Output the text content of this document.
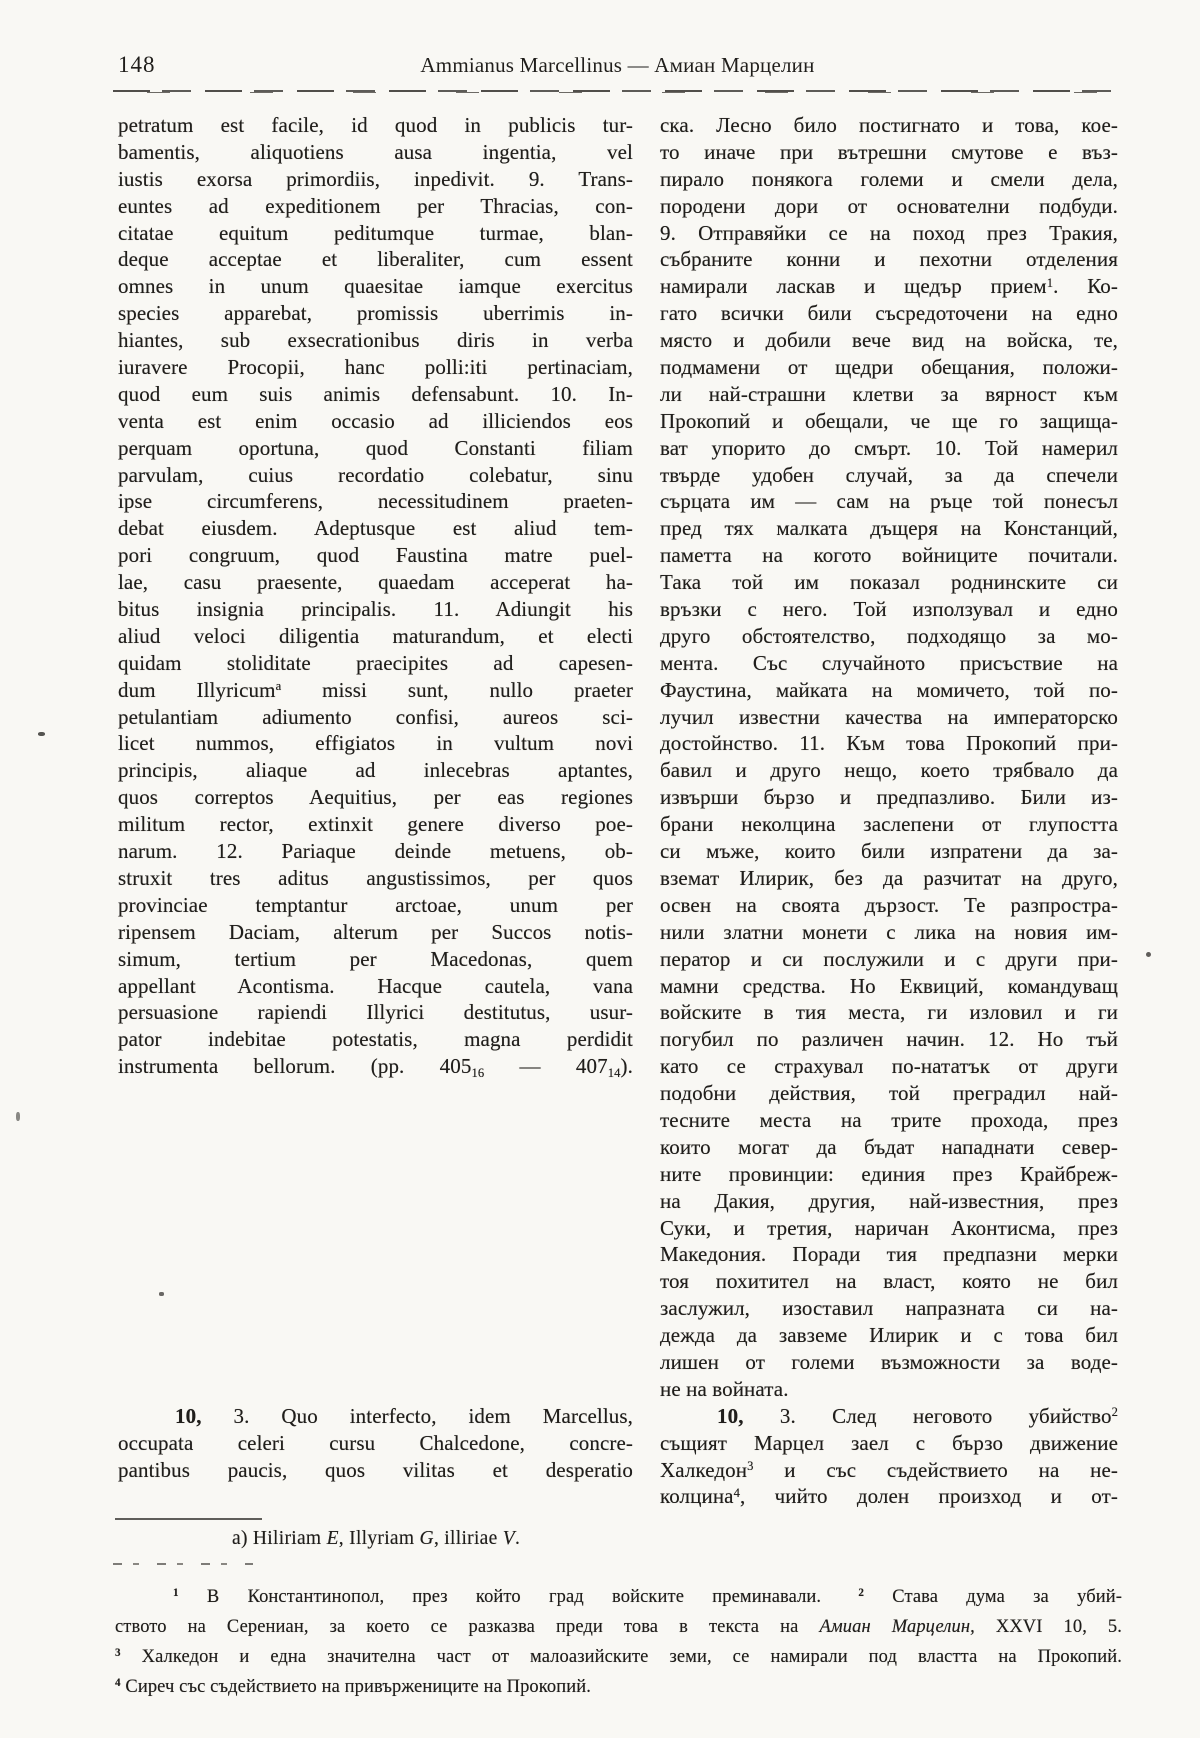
148	Ammianus Marcellinus — Амиан Марцелин
petratum est facile, id quod in publicis tur-
bamentis, aliquotiens ausa ingentia, vel
iustis exorsa primordiis, inpedivit. 9. Trans-
euntes ad expeditionem per Thracias, con-
citatae equitum peditumque turmae, blan-
deque acceptae et liberaliter, cum essent
omnes in unum quaesitae iamque exercitus
species apparebat, promissis uberrimis in-
hiantes, sub exsecrationibus diris in verba
iuravere Procopii, hanc polli:iti pertinaciam,
quod eum suis animis defensabunt. 10. In-
venta est enim occasio ad illiciendos eos
perquam oportuna, quod Constanti filiam
parvulam, cuius recordatio colebatur, sinu
ipse circumferens, necessitudinem praeten-
debat eiusdem. Adeptusque est aliud tem-
pori congruum, quod Faustina matre puel-
lae, casu praesente, quaedam acceperat ha-
bitus insignia principalis. 11. Adiungit his
aliud veloci diligentia maturandum, et electi
quidam stoliditate praecipites ad capesen-
dum Illyricum$^a$ missi sunt, nullo praeter
petulantiam adiumento confisi, aureos sci-
licet nummos, effigiatos in vultum novi
principis, aliaque ad inlecebras aptantes,
quos correptos Aequitius, per eas regiones
militum rector, extinxit genere diverso poe-
narum. 12. Pariaque deinde metuens, ob-
struxit tres aditus angustissimos, per quos
provinciae temptantur arctoae, unum per
ripensem Daciam, alterum per Succos notis-
simum, tertium per Macedonas, quem
appellant Acontisma. Hacque cautela, vana
persuasione rapiendi Illyrici destitutus, usur-
pator indebitae potestatis, magna perdidit
instrumenta bellorum. (pp. $405_{16}$ — $407_{14}$).
10, 3. Quo interfecto, idem Marcellus,
occupata celeri cursu Chalcedone, concre-
pantibus paucis, quos vilitas et desperatio
ска. Лесно било постигнато и това, кое-
то иначе при вътрешни смутове е въз-
пирало понякога големи и смели дела,
породени дори от основателни подбуди.
9. Отправяйки се на поход през Тракия,
събраните конни и пехотни отделения
намирали ласкав и щедър прием$^1$. Ко-
гато всички били съсредоточени на едно
място и добили вече вид на войска, те,
подмамени от щедри обещания, положи-
ли най-страшни клетви за вярност към
Прокопий и обещали, че ще го защища-
ват упорито до смърт. 10. Той намерил
твърде удобен случай, за да спечели
сърцата им — сам на ръце той понесъл
пред тях малката дъщеря на Констанций,
паметта на когото войниците почитали.
Така той им показал роднинските си
връзки с него. Той използувал и едно
друго обстоятелство, подходящо за мо-
мента. Със случайното присъствие на
Фаустина, майката на момичето, той по-
лучил известни качества на императорско
достойнство. 11. Към това Прокопий при-
бавил и друго нещо, което трябвало да
извърши бързо и предпазливо. Били из-
брани неколцина заслепени от глупостта
си мъже, които били изпратени да за-
вземат Илирик, без да разчитат на друго,
освен на своята дързост. Те разпростра-
нили златни монети с лика на новия им-
ператор и си послужили и с други при-
мамни средства. Но Еквиций, командуващ
войските в тия места, ги изловил и ги
погубил по различен начин. 12. Но тъй
като се страхувал по-нататък от други
подобни действия, той преградил най-
тесните места на трите прохода, през
които могат да бъдат нападнати север-
ните провинции: единия през Крайбреж-
на Дакия, другия, най-известния, през
Суки, и третия, наричан Аконтисма, през
Македония. Поради тия предпазни мерки
тоя похитител на власт, която не бил
заслужил, изоставил напразната си на-
дежда да завземе Илирик и с това бил
лишен от големи възможности за воде-
не на войната.
10, 3. След неговото убийство$^2$
същият Марцел заел с бързо движение
Халкедон$^3$ и със съдействието на не-
колцина$^4$, чийто долен произход и от-
a) Hiliriam E, Illyriam G, illiriae V.
$^1$ В Константинопол, през който град войските преминавали.  $^2$ Става дума за убий-
ството на Серениан, за което се разказва преди това в текста на Амиан Марцелин, XXVI 10, 5.
$^3$ Халкедон и една значителна част от малоазийските земи, се намирали под властта на Прокопий.
$^4$ Сиреч със съдействието на привържениците на Прокопий.
